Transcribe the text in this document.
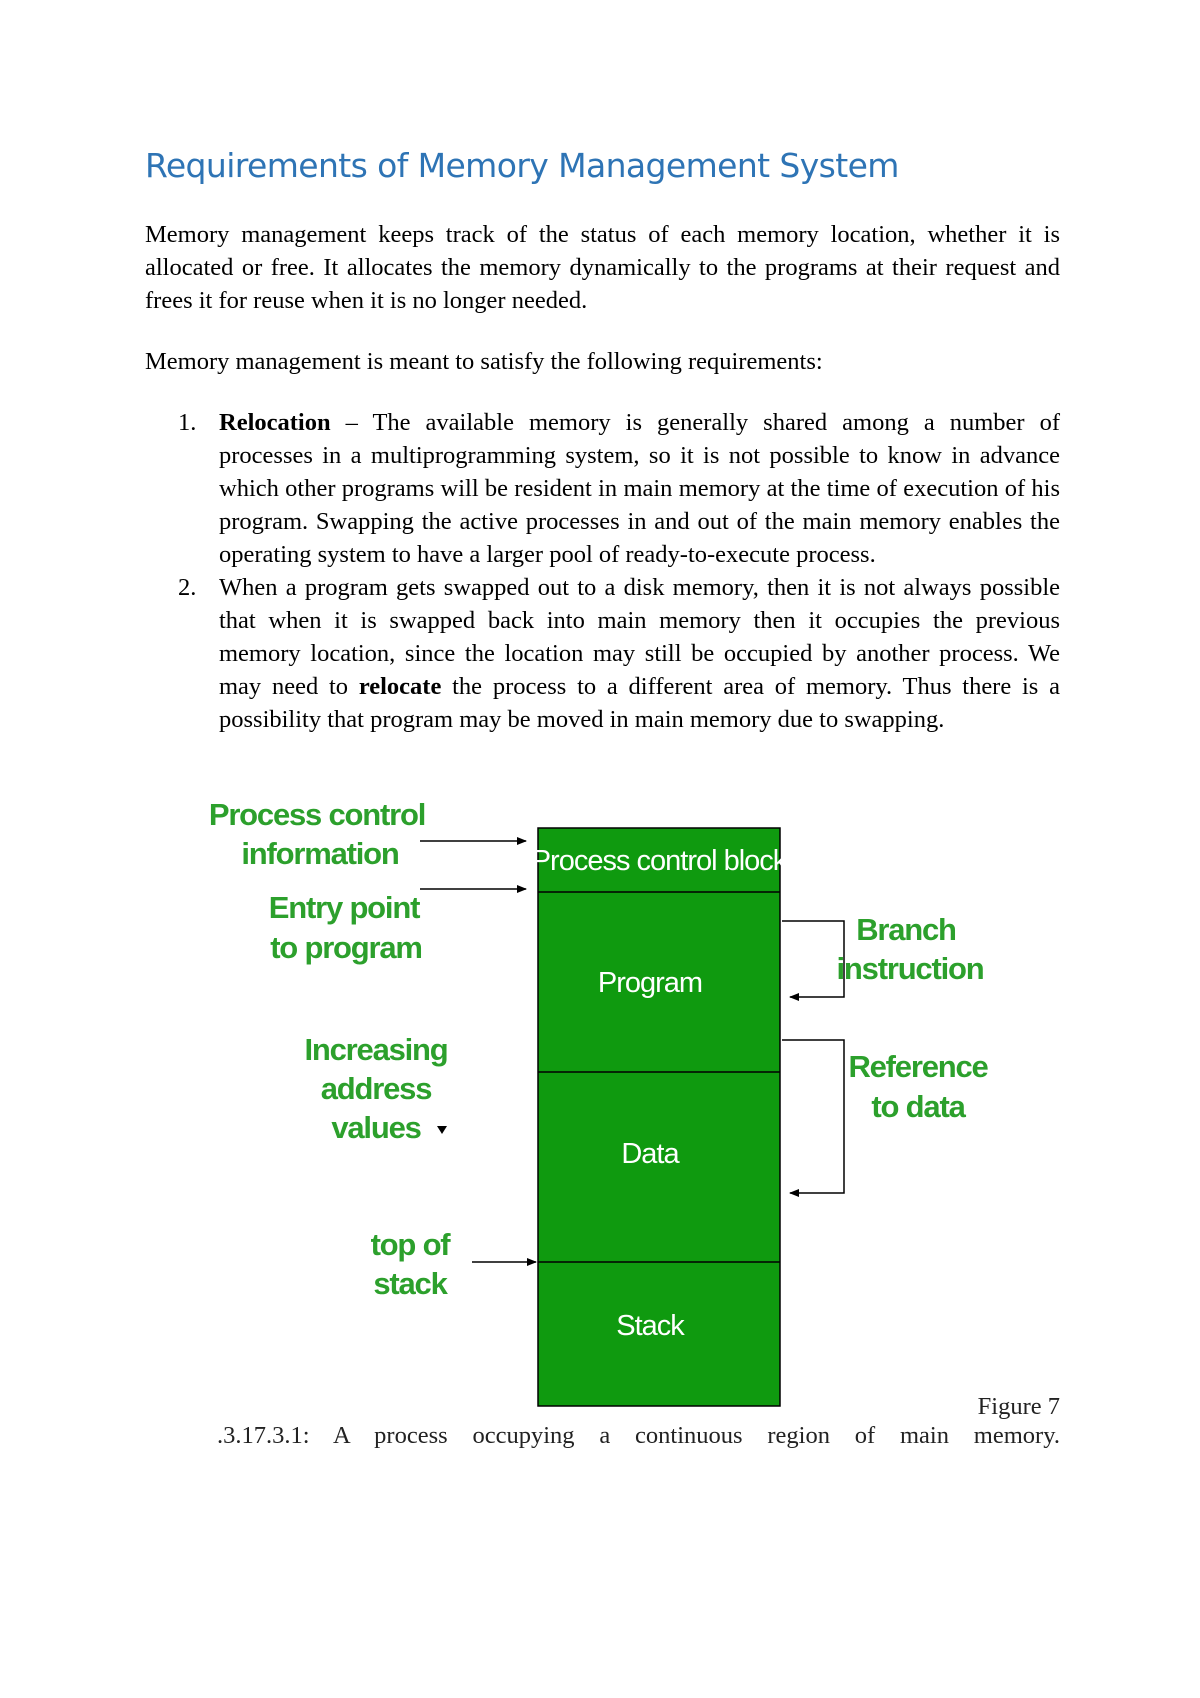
Requirements of Memory Management System

Memory management keeps track of the status of each memory location, whether it is allocated or free. It allocates the memory dynamically to the programs at their request and frees it for reuse when it is no longer needed.

Memory management is meant to satisfy the following requirements:

1. Relocation – The available memory is generally shared among a number of processes in a multiprogramming system, so it is not possible to know in advance which other programs will be resident in main memory at the time of execution of his program. Swapping the active processes in and out of the main memory enables the operating system to have a larger pool of ready-to-execute process.
2. When a program gets swapped out to a disk memory, then it is not always possible that when it is swapped back into main memory then it occupies the previous memory location, since the location may still be occupied by another process. We may need to relocate the process to a different area of memory. Thus there is a possibility that program may be moved in main memory due to swapping.
Process control block
Program
Data
Stack
Process control
information
Entry point
to program
Increasing
address
values
top of
stack
Branch
instruction
Reference
to data
Figure 7
.3.17.3.1: A process occupying a continuous region of main memory.
